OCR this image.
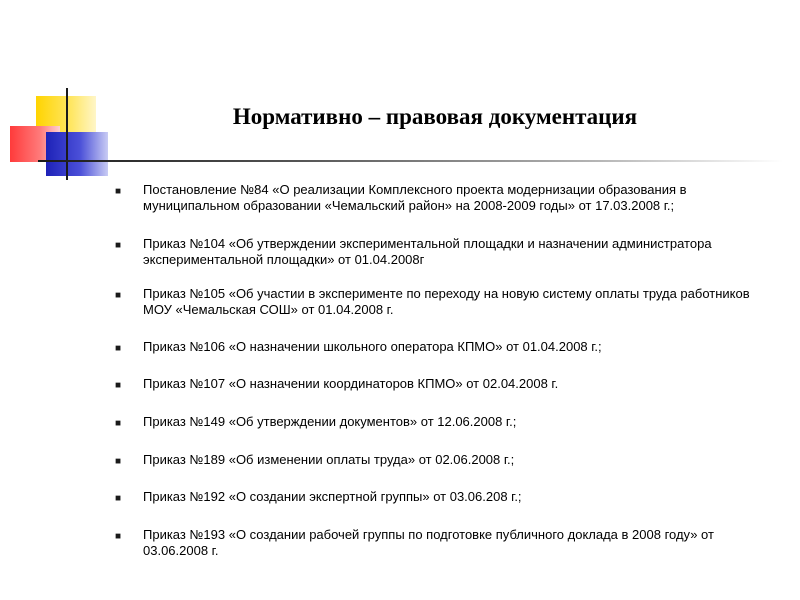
Нормативно – правовая документация
■ Постановление №84 «О реализации Комплексного проекта модернизации образования в муниципальном образовании «Чемальский район» на 2008-2009 годы» от 17.03.2008 г.;
■ Приказ №104 «Об утверждении экспериментальной площадки и назначении администратора экспериментальной площадки» от 01.04.2008г
■ Приказ №105 «Об участии в эксперименте по переходу на новую систему оплаты труда работников МОУ «Чемальская СОШ» от 01.04.2008 г.
■ Приказ №106 «О назначении школьного оператора КПМО» от 01.04.2008 г.;
■ Приказ №107 «О назначении координаторов КПМО» от 02.04.2008 г.
■ Приказ №149 «Об утверждении документов» от 12.06.2008 г.;
■ Приказ №189 «Об изменении оплаты труда» от 02.06.2008 г.;
■ Приказ №192 «О создании экспертной группы» от 03.06.208 г.;
■ Приказ №193 «О создании рабочей группы по подготовке публичного доклада в 2008 году» от 03.06.2008 г.
